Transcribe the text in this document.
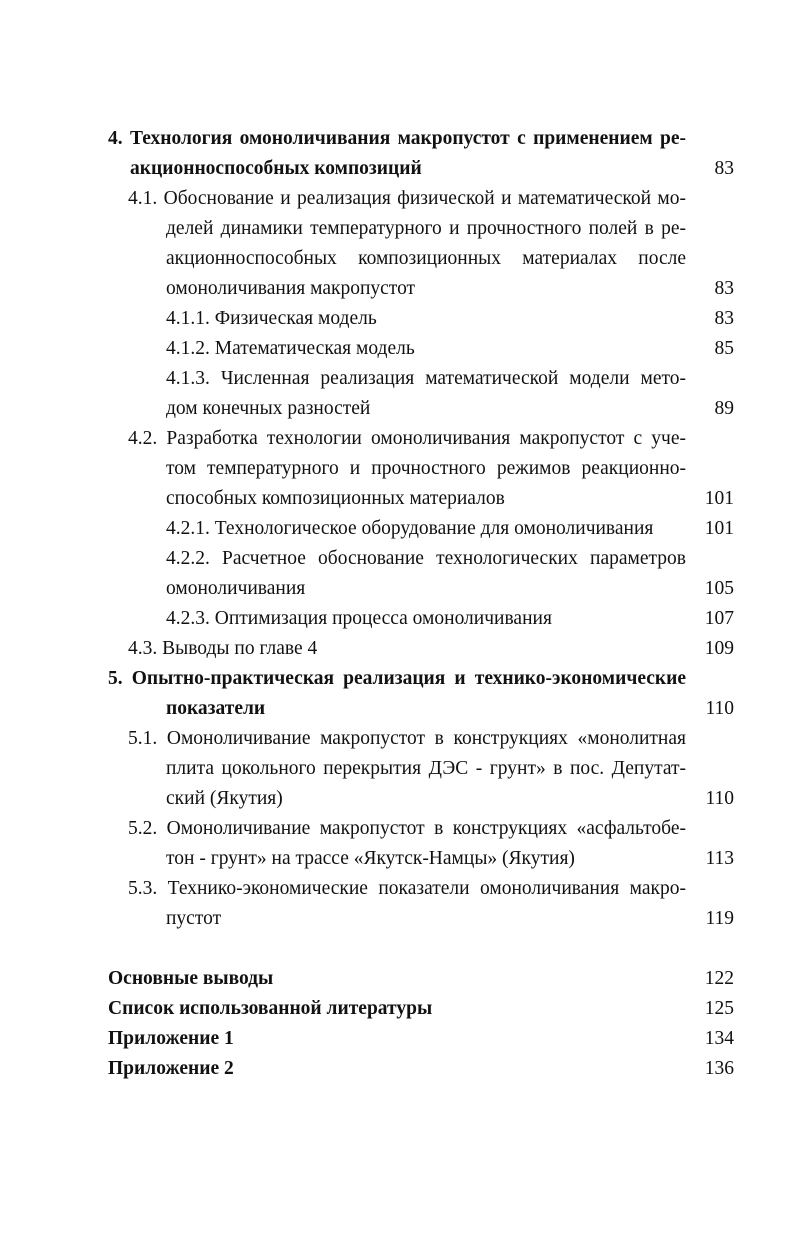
4. Технология омоноличивания макропустот с применением ре-
акционноспособных композиций	83
4.1. Обоснование и реализация физической и математической мо-
делей динамики температурного и прочностного полей в ре-
акционноспособных композиционных материалах после
омоноличивания макропустот	83
4.1.1. Физическая модель	83
4.1.2. Математическая модель	85
4.1.3. Численная реализация математической модели мето-
дом конечных разностей	89
4.2. Разработка технологии омоноличивания макропустот с уче-
том температурного и прочностного режимов реакционно-
способных композиционных материалов	101
4.2.1. Технологическое оборудование для омоноличивания	101
4.2.2. Расчетное обоснование технологических параметров
омоноличивания	105
4.2.3. Оптимизация процесса омоноличивания	107
4.3. Выводы по главе 4	109
5. Опытно-практическая реализация и технико-экономические
показатели	110
5.1. Омоноличивание макропустот в конструкциях «монолитная
плита цокольного перекрытия ДЭС - грунт» в пос. Депутат-
ский (Якутия)	110
5.2. Омоноличивание макропустот в конструкциях «асфальтобе-
тон - грунт» на трассе «Якутск-Намцы» (Якутия)	113
5.3. Технико-экономические показатели омоноличивания макро-
пустот	119
Основные выводы	122
Список использованной литературы	125
Приложение 1	134
Приложение 2	136
